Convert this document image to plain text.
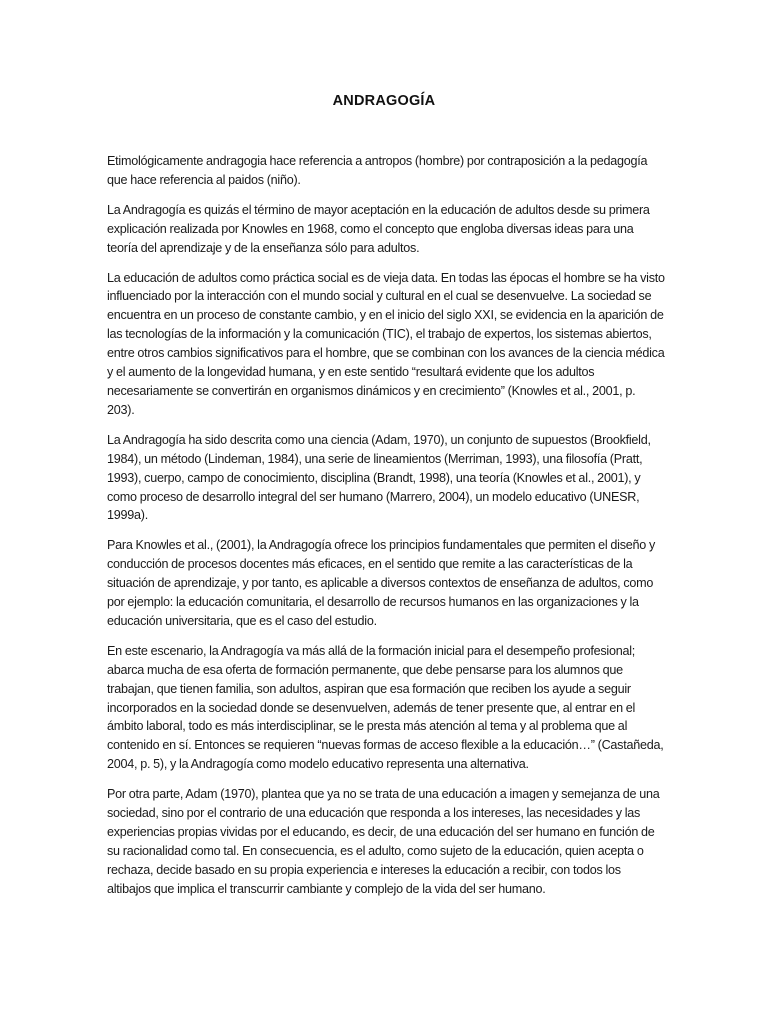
ANDRAGOGÍA

Etimológicamente andragogia hace referencia a antropos (hombre) por contraposición a la pedagogía que hace referencia al paidos (niño).

La Andragogía es quizás el término de mayor aceptación en la educación de adultos desde su primera explicación realizada por Knowles en 1968, como el concepto que engloba diversas ideas para una teoría del aprendizaje y de la enseñanza sólo para adultos.

La educación de adultos como práctica social es de vieja data. En todas las épocas el hombre se ha visto influenciado por la interacción con el mundo social y cultural en el cual se desenvuelve. La sociedad se encuentra en un proceso de constante cambio, y en el inicio del siglo XXI, se evidencia en la aparición de las tecnologías de la información y la comunicación (TIC), el trabajo de expertos, los sistemas abiertos, entre otros cambios significativos para el hombre, que se combinan con los avances de la ciencia médica y el aumento de la longevidad humana, y en este sentido “resultará evidente que los adultos necesariamente se convertirán en organismos dinámicos y en crecimiento” (Knowles et al., 2001, p. 203).

La Andragogía ha sido descrita como una ciencia (Adam, 1970), un conjunto de supuestos (Brookfield, 1984), un método (Lindeman, 1984), una serie de lineamientos (Merriman, 1993), una filosofía (Pratt, 1993), cuerpo, campo de conocimiento, disciplina (Brandt, 1998), una teoría (Knowles et al., 2001), y como proceso de desarrollo integral del ser humano (Marrero, 2004), un modelo educativo (UNESR, 1999a).

Para Knowles et al., (2001), la Andragogía ofrece los principios fundamentales que permiten el diseño y conducción de procesos docentes más eficaces, en el sentido que remite a las características de la situación de aprendizaje, y por tanto, es aplicable a diversos contextos de enseñanza de adultos, como por ejemplo: la educación comunitaria, el desarrollo de recursos humanos en las organizaciones y la educación universitaria, que es el caso del estudio.

En este escenario, la Andragogía va más allá de la formación inicial para el desempeño profesional; abarca mucha de esa oferta de formación permanente, que debe pensarse para los alumnos que trabajan, que tienen familia, son adultos, aspiran que esa formación que reciben los ayude a seguir incorporados en la sociedad donde se desenvuelven, además de tener presente que, al entrar en el ámbito laboral, todo es más interdisciplinar, se le presta más atención al tema y al problema que al contenido en sí. Entonces se requieren “nuevas formas de acceso flexible a la educación…” (Castañeda, 2004, p. 5), y la Andragogía como modelo educativo representa una alternativa.

Por otra parte, Adam (1970), plantea que ya no se trata de una educación a imagen y semejanza de una sociedad, sino por el contrario de una educación que responda a los intereses, las necesidades y las experiencias propias vividas por el educando, es decir, de una educación del ser humano en función de su racionalidad como tal. En consecuencia, es el adulto, como sujeto de la educación, quien acepta o rechaza, decide basado en su propia experiencia e intereses la educación a recibir, con todos los altibajos que implica el transcurrir cambiante y complejo de la vida del ser humano.
